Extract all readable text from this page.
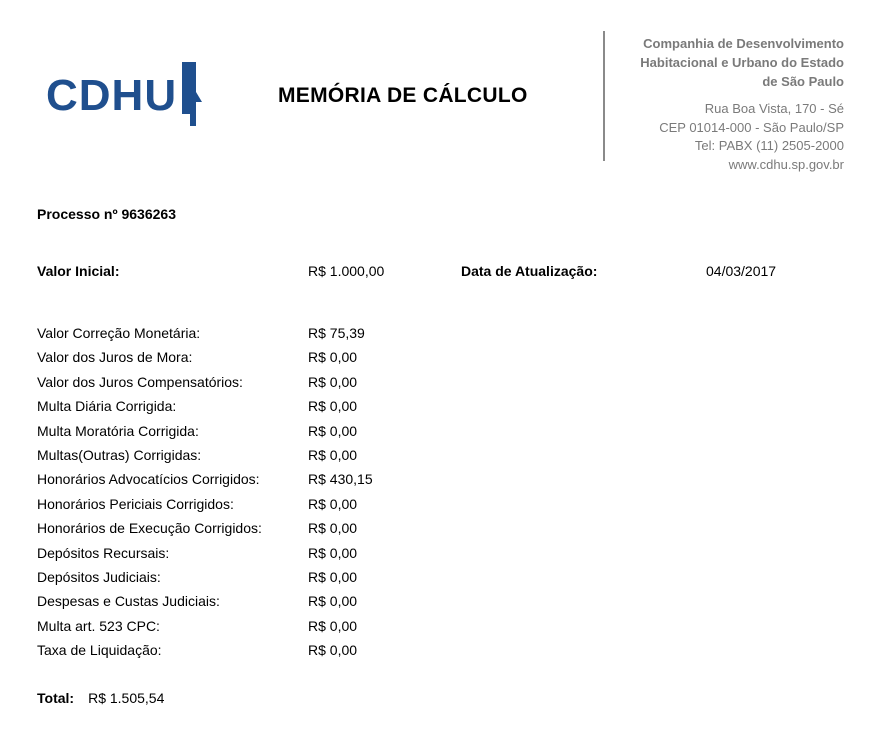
CDHU	MEMÓRIA DE CÁLCULO
Companhia de Desenvolvimento
Habitacional e Urbano do Estado
de São Paulo
Rua Boa Vista, 170 - Sé
CEP 01014-000 - São Paulo/SP
Tel: PABX (11) 2505-2000
www.cdhu.sp.gov.br
Processo nº 9636263
Valor Inicial:	R$ 1.000,00	Data de Atualização:	04/03/2017
Valor Correção Monetária:	R$ 75,39
Valor dos Juros de Mora:	R$ 0,00
Valor dos Juros Compensatórios:	R$ 0,00
Multa Diária Corrigida:	R$ 0,00
Multa Moratória Corrigida:	R$ 0,00
Multas(Outras) Corrigidas:	R$ 0,00
Honorários Advocatícios Corrigidos:	R$ 430,15
Honorários Periciais Corrigidos:	R$ 0,00
Honorários de Execução Corrigidos:	R$ 0,00
Depósitos Recursais:	R$ 0,00
Depósitos Judiciais:	R$ 0,00
Despesas e Custas Judiciais:	R$ 0,00
Multa art. 523 CPC:	R$ 0,00
Taxa de Liquidação:	R$ 0,00
Total: R$ 1.505,54
